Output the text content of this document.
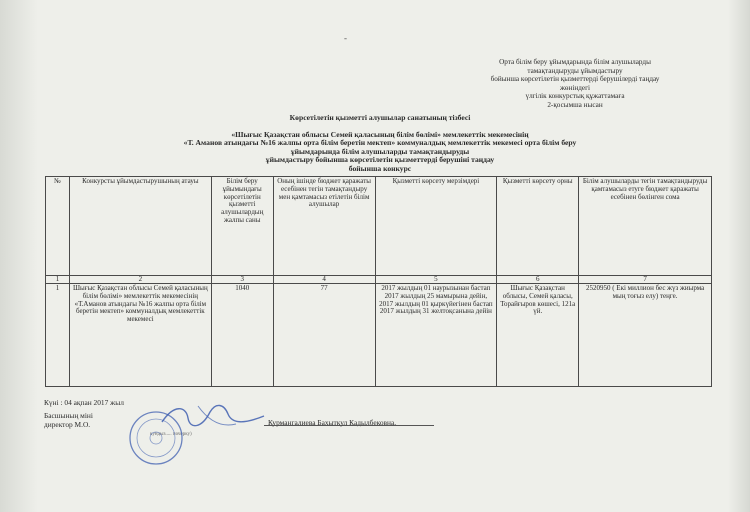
-
Орта білім беру ұйымдарында білім алушыларды
тамақтандыруды ұйымдастыру
бойынша көрсетілетін қызметтерді берушілерді таңдау
жөніндегі
үлгілік конкурстық құжаттамаға
2-қосымша нысан
Көрсетілетін қызметті алушылар санатының тізбесі
«Шығыс Қазақстан облысы Семей қаласының білім бөлімі» мемлекеттік мекемесінің
«Т. Аманов атындағы №16 жалпы орта білім беретін мектеп» коммуналдық мемлекеттік мекемесі орта білім беру
ұйымдарында білім алушыларды тамақтандыруды
ұйымдастыру бойынша көрсетілетін қызметтерді берушіні таңдау
бойынша конкурс
№	Конкурсты ұйымдастырушының атауы	Білім беру ұйымындағы көрсетілетін қызметті алушылардың жалпы саны	Оның ішінде бюджет қаражаты есебінен тегін тамақтандыру мен қамтамасыз етілетін білім алушылар	Қызметті көрсету мерзімдері	Қызметті көрсету орны	Білім алушыларды тегін тамақтандыруды қамтамасыз етуге бюджет қаражаты есебінен бөлінген сома
1	2	3	4	5	6	7
1	Шығыс Қазақстан облысы Семей қаласының білім бөлімі» мемлекеттік мекемесінің «Т.Аманов атындағы №16 жалпы орта білім беретін мектеп» коммуналдық мемлекеттік мекемесі	1040	77	2017 жылдың 01 наурызынан бастап 2017 жылдың 25 мамырына дейін, 2017 жылдың 01 қыркүйегінен бастап 2017 жылдың 31 желтоқсанына дейін	Шығыс Қазақстан облысы, Семей қаласы, Торайғыров көшесі, 121а үй.	2520950 ( Екі миллион бес жүз жиырма мың тоғыз елу) теңге.
Күні : 04 ақпан 2017 жыл
Басшының міні
директор М.О.	Курмангалиева Бахыткул Кадылбековна.
кундыз..... почерку)
